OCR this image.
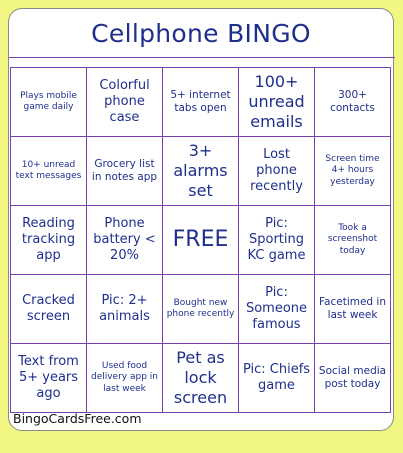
Cellphone BINGO
Plays mobile game daily	Colorful phone case	5+ internet tabs open	100+ unread emails	300+ contacts
10+ unread text messages	Grocery list in notes app	3+ alarms set	Lost phone recently	Screen time 4+ hours yesterday
Reading tracking app	Phone battery < 20%	FREE	Pic: Sporting KC game	Took a screenshot today
Cracked screen	Pic: 2+ animals	Bought new phone recently	Pic: Someone famous	Facetimed in last week
Text from 5+ years ago	Used food delivery app in last week	Pet as lock screen	Pic: Chiefs game	Social media post today
BingoCardsFree.com
